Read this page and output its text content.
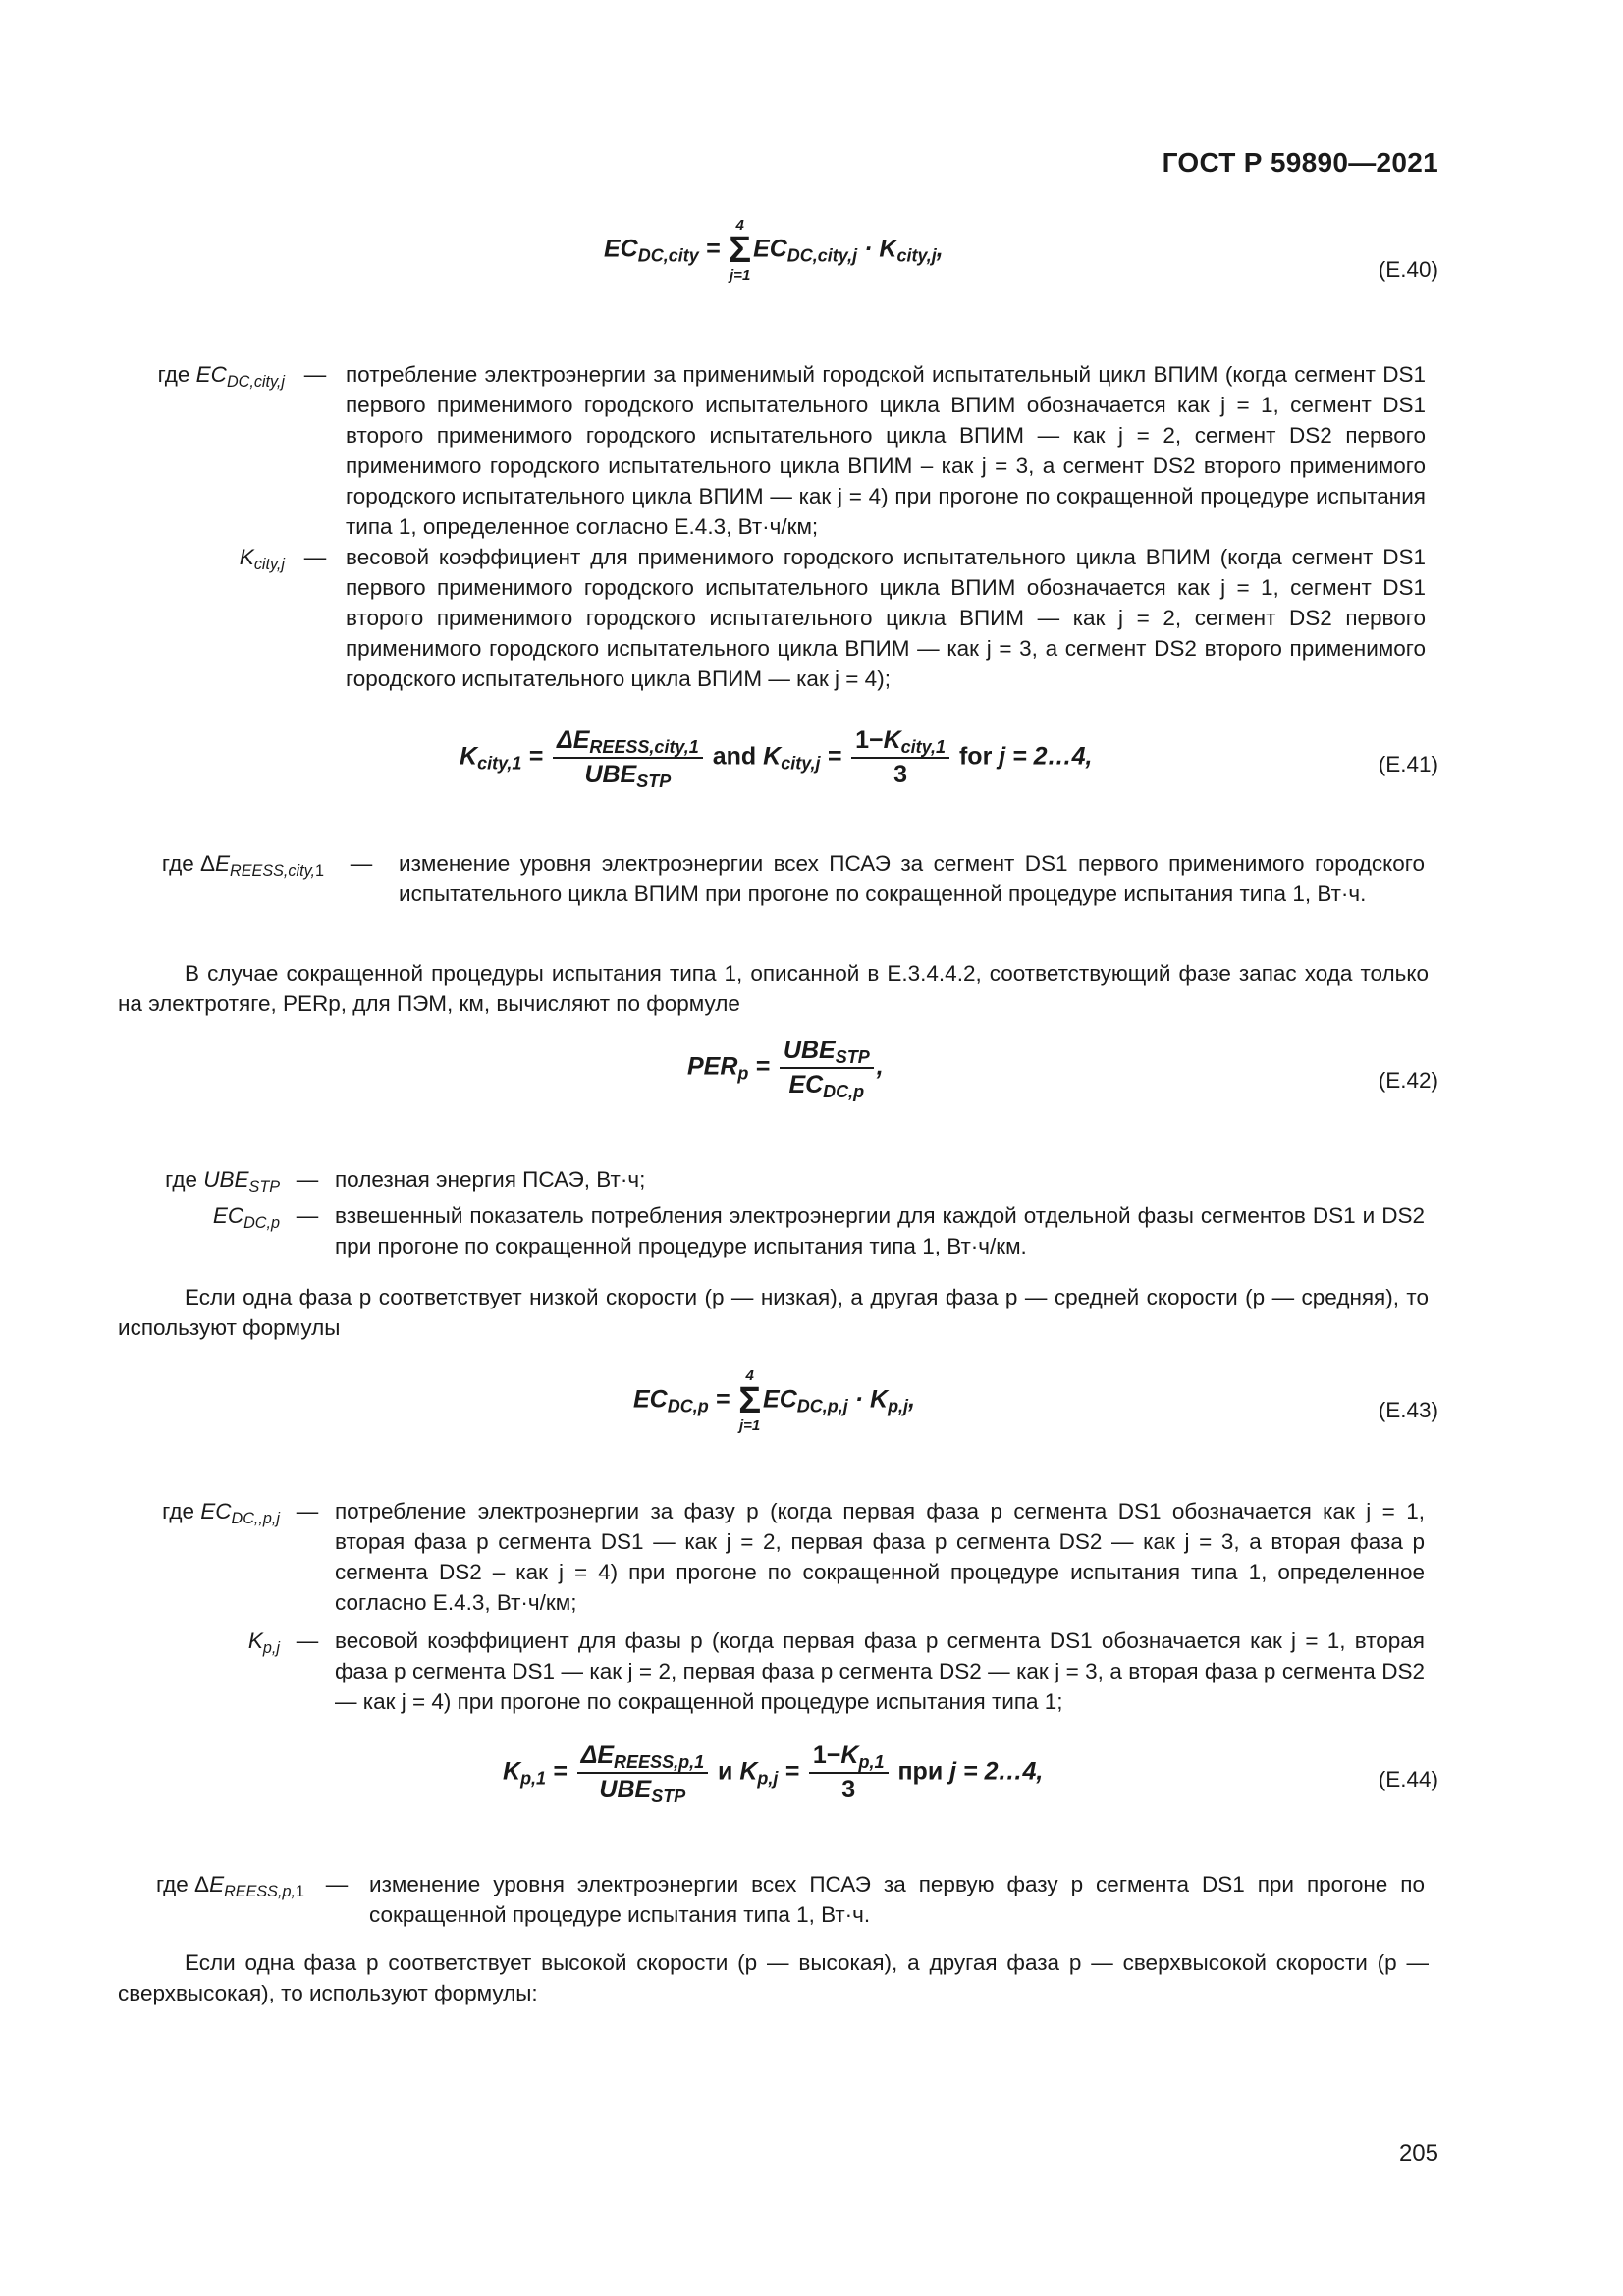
ГОСТ Р 59890—2021
$EC_{DC,city}$ =
4
Σ
j=1
$EC_{DC,city,j} \cdot K_{city,j}$,
(E.40)
где $EC_{DC,city,j}$ — потребление электроэнергии за применимый городской испытательный цикл ВПИМ (когда сегмент DS1 первого применимого городского испытательного цикла ВПИМ обозначается как j = 1, сегмент DS1 второго применимого городского испытательного цикла ВПИМ — как j = 2, сегмент DS2 первого применимого городского испытательного цикла ВПИМ – как j = 3, а сегмент DS2 второго применимого городского испытательного цикла ВПИМ — как j = 4) при прогоне по сокращенной процедуре испытания типа 1, определенное согласно E.4.3, Вт·ч/км;
$K_{city,j}$ — весовой коэффициент для применимого городского испытательного цикла ВПИМ (когда сегмент DS1 первого применимого городского испытательного цикла ВПИМ обозначается как j = 1, сегмент DS1 второго применимого городского испытательного цикла ВПИМ — как j = 2, сегмент DS2 первого применимого городского испытательного цикла ВПИМ — как j = 3, а сегмент DS2 второго применимого городского испытательного цикла ВПИМ — как j = 4);
$K_{city,1} = \frac{\Delta E_{REESS,city,1}}{UBE_{STP}}$ and $K_{city,j} = \frac{1-K_{city,1}}{3}$ for j = 2…4,	(E.41)
где $\Delta E_{REESS,city,1}$	—	изменение уровня электроэнергии всех ПСАЭ за сегмент DS1 первого применимого городского испытательного цикла ВПИМ при прогоне по сокращенной процедуре испытания типа 1, Вт·ч.
В случае сокращенной процедуры испытания типа 1, описанной в E.3.4.4.2, соответствующий фазе запас хода только на электротяге, PERp, для ПЭМ, км, вычисляют по формуле
$PER_p = \frac{UBE_{STP}}{EC_{DC,p}}$ ,	(E.42)
где $UBE_{STP}$ — полезная энергия ПСАЭ, Вт·ч;
$EC_{DC,p}$ — взвешенный показатель потребления электроэнергии для каждой отдельной фазы сегментов DS1 и DS2 при прогоне по сокращенной процедуре испытания типа 1, Вт·ч/км.
Если одна фаза p соответствует низкой скорости (p — низкая), а другая фаза p — средней скорости (p — средняя), то используют формулы
$EC_{DC,p}$ =
4
Σ
j=1
$EC_{DC,p,j} \cdot K_{p,j}$,	(E.43)
где $EC_{DC,,p,j}$ — потребление электроэнергии за фазу p (когда первая фаза p сегмента DS1 обозначается как j = 1, вторая фаза p сегмента DS1 — как j = 2, первая фаза p сегмента DS2 — как j = 3, а вторая фаза p сегмента DS2 – как j = 4) при прогоне по сокращенной процедуре испытания типа 1, определенное согласно E.4.3, Вт·ч/км;
$K_{p,j}$ — весовой коэффициент для фазы p (когда первая фаза p сегмента DS1 обозначается как j = 1, вторая фаза p сегмента DS1 — как j = 2, первая фаза p сегмента DS2 — как j = 3, а вторая фаза p сегмента DS2 — как j = 4) при прогоне по сокращенной процедуре испытания типа 1;
$K_{p,1} = \frac{\Delta E_{REESS,p,1}}{UBE_{STP}}$ и $K_{p,j} = \frac{1-K_{p,1}}{3}$ при j = 2…4,	(E.44)
где $\Delta E_{REESS,p,1}$ — изменение уровня электроэнергии всех ПСАЭ за первую фазу p сегмента DS1 при прогоне по сокращенной процедуре испытания типа 1, Вт·ч.
Если одна фаза p соответствует высокой скорости (p — высокая), а другая фаза p — сверхвысокой скорости (p — сверхвысокая), то используют формулы:
205
